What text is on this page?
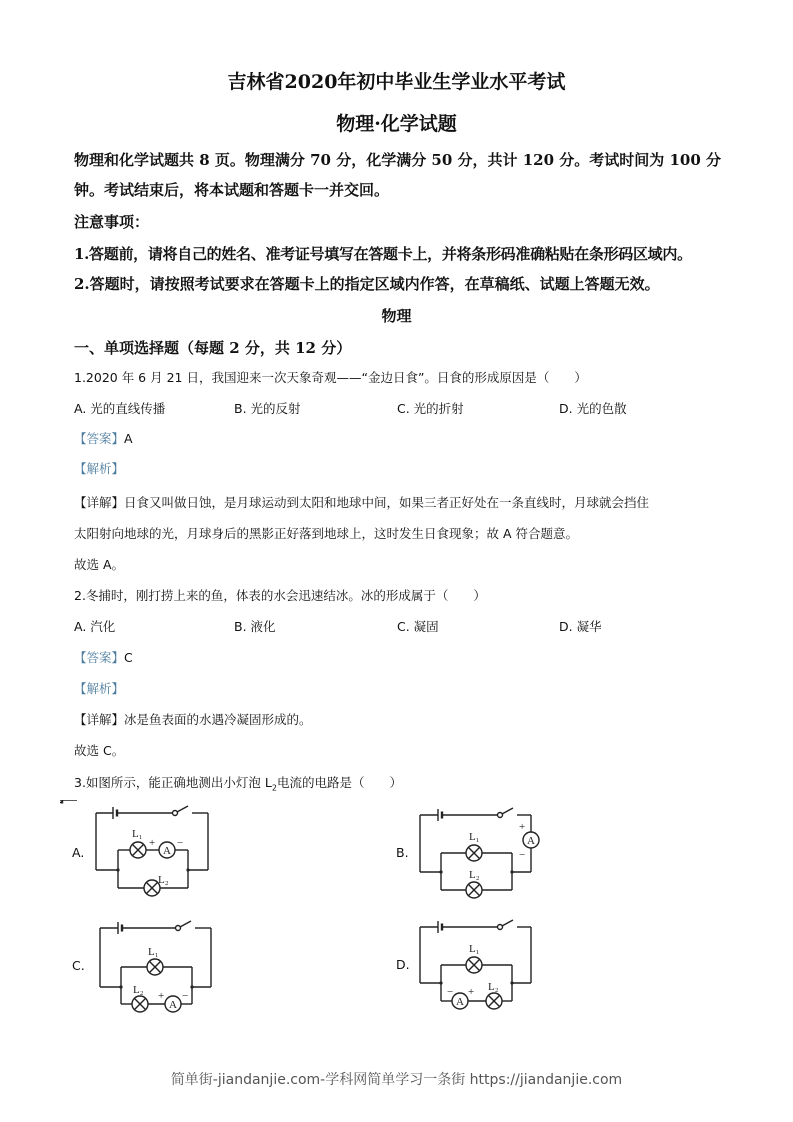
吉林省2020年初中毕业生学业水平考试
物理·化学试题
物理和化学试题共 8 页。物理满分 70 分，化学满分 50 分，共计 120 分。考试时间为 100 分
钟。考试结束后，将本试题和答题卡一并交回。
注意事项：
1.答题前，请将自己的姓名、准考证号填写在答题卡上，并将条形码准确粘贴在条形码区域内。
2.答题时，请按照考试要求在答题卡上的指定区域内作答，在草稿纸、试题上答题无效。
物理
一、单项选择题（每题 2 分，共 12 分）
1.2020 年 6 月 21 日，我国迎来一次天象奇观——“金边日食”。日食的形成原因是（　　）
A. 光的直线传播	B. 光的反射	C. 光的折射	D. 光的色散
【答案】A
【解析】
【详解】日食又叫做日蚀，是月球运动到太阳和地球中间，如果三者正好处在一条直线时，月球就会挡住
太阳射向地球的光，月球身后的黑影正好落到地球上，这时发生日食现象；故 A 符合题意。
故选 A。
2.冬捕时，刚打捞上来的鱼，体表的水会迅速结冰。冰的形成属于（　　）
A. 汽化	B. 液化	C. 凝固	D. 凝华
【答案】C
【解析】
【详解】冰是鱼表面的水遇冷凝固形成的。
故选 C。
3.如图所示，能正确地测出小灯泡 $L_2$电流的电路是（　　）
A.	B.
C.	D.
A
L₁
L₂
+ −	A
L₁
L₂
+
−
A
L₁
L₂ + −	A
L₁
L₂
− +
简单街-jiandanjie.com-学科网简单学习一条街 https://jiandanjie.com
